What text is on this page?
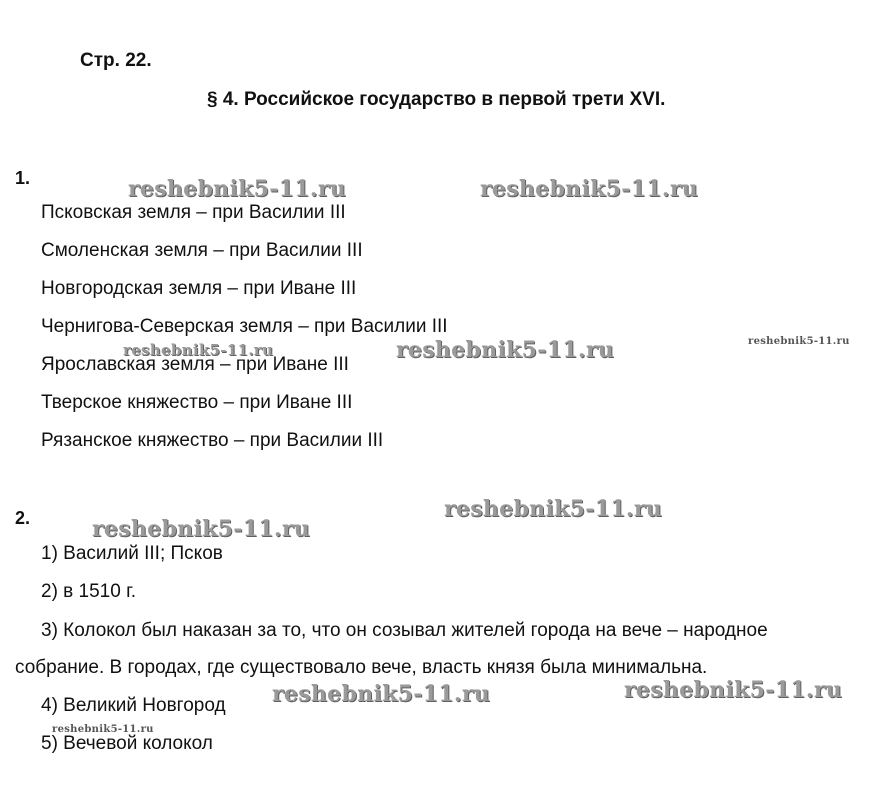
Стр. 22.
§ 4. Российское государство в первой трети XVI.
1.
Псковская земля – при Василии III
Смоленская земля – при Василии III
Новгородская земля – при Иване III
Чернигова-Северская земля – при Василии III
Ярославская земля – при Иване III
Тверское княжество – при Иване III
Рязанское княжество – при Василии III
2.
1) Василий III; Псков
2) в 1510 г.
3) Колокол был наказан за то, что он созывал жителей города на вече – народное
собрание. В городах, где существовало вече, власть князя была минимальна.
4) Великий Новгород
5) Вечевой колокол
reshebnik5-11.ru	reshebnik5-11.ru
reshebnik5-11.ru	reshebnik5-11.ru	reshebnik5-11.ru
reshebnik5-11.ru
reshebnik5-11.ru
reshebnik5-11.ru	reshebnik5-11.ru
reshebnik5-11.ru
